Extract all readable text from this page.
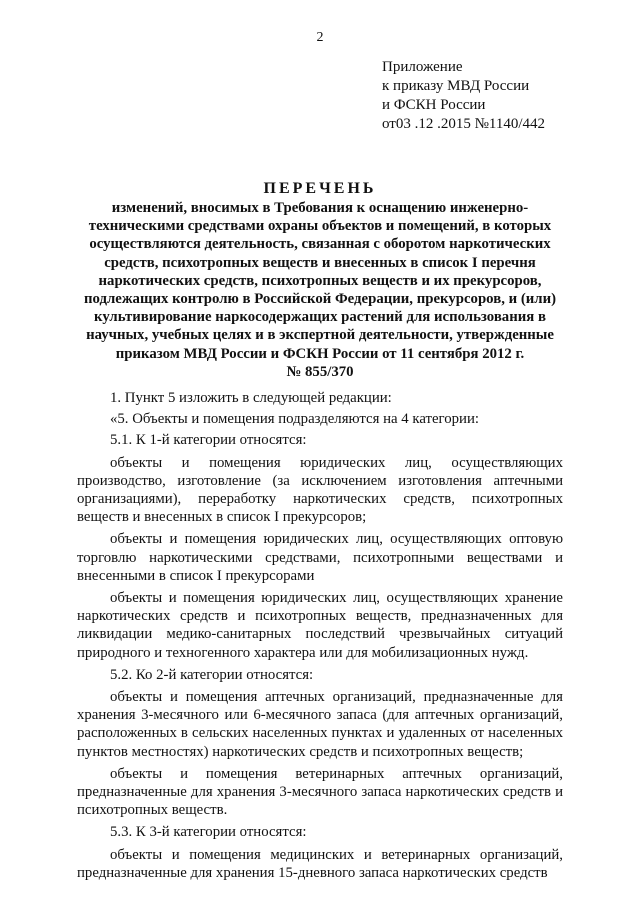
2
Приложение
к приказу МВД России
и ФСКН России
от03 .12 .2015 №1140/442
ПЕРЕЧЕНЬ
изменений, вносимых в Требования к оснащению инженерно-
техническими средствами охраны объектов и помещений, в которых
осуществляются деятельность, связанная с оборотом наркотических
средств, психотропных веществ и внесенных в список I перечня
наркотических средств, психотропных веществ и их прекурсоров,
подлежащих контролю в Российской Федерации, прекурсоров, и (или)
культивирование наркосодержащих растений для использования в
научных, учебных целях и в экспертной деятельности, утвержденные
приказом МВД России и ФСКН России от 11 сентября 2012 г.
№ 855/370

1. Пункт 5 изложить в следующей редакции:

«5. Объекты и помещения подразделяются на 4 категории:

5.1. К 1-й категории относятся:

объекты и помещения юридических лиц, осуществляющих производство, изготовление (за исключением изготовления аптечными организациями), переработку наркотических средств, психотропных веществ и внесенных в список I прекурсоров;

объекты и помещения юридических лиц, осуществляющих оптовую торговлю наркотическими средствами, психотропными веществами и внесенными в список I прекурсорами

объекты и помещения юридических лиц, осуществляющих хранение наркотических средств и психотропных веществ, предназначенных для ликвидации медико-санитарных последствий чрезвычайных ситуаций природного и техногенного характера или для мобилизационных нужд.

5.2. Ко 2-й категории относятся:

объекты и помещения аптечных организаций, предназначенные для хранения 3-месячного или 6-месячного запаса (для аптечных организаций, расположенных в сельских населенных пунктах и удаленных от населенных пунктов местностях) наркотических средств и психотропных веществ;

объекты и помещения ветеринарных аптечных организаций, предназначенные для хранения 3-месячного запаса наркотических средств и психотропных веществ.

5.3. К 3-й категории относятся:

объекты и помещения медицинских и ветеринарных организаций, предназначенные для хранения 15-дневного запаса наркотических средств
